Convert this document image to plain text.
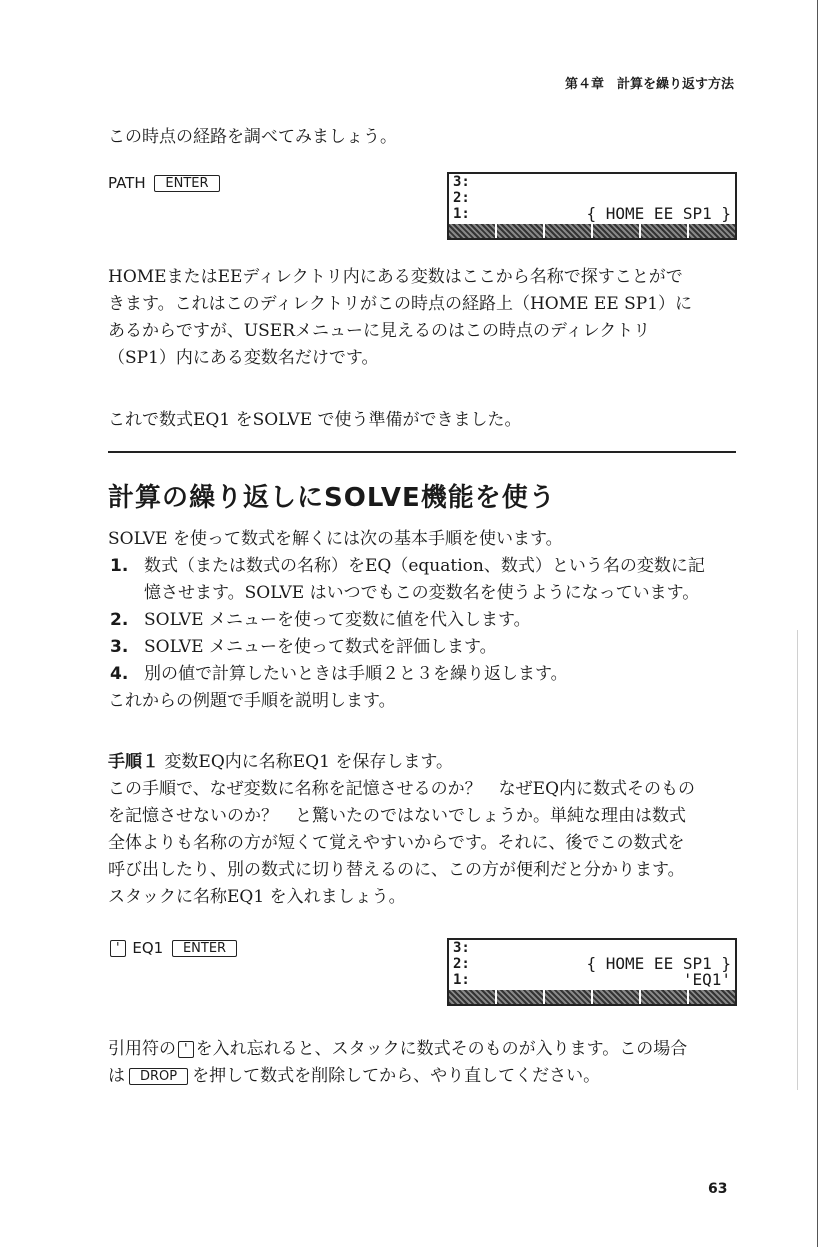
第４章　計算を繰り返す方法
この時点の経路を調べてみましょう。
PATH ENTER	3:
2:
1:	{ HOME EE SP1 }
HOMEまたはEEディレクトリ内にある変数はここから名称で探すことがで
きます。これはこのディレクトリがこの時点の経路上（HOME EE SP1）に
あるからですが、USERメニューに見えるのはこの時点のディレクトリ
（SP1）内にある変数名だけです。
これで数式EQ1 をSOLVE で使う準備ができました。
計算の繰り返しにSOLVE機能を使う
SOLVE を使って数式を解くには次の基本手順を使います。
1. 数式（または数式の名称）をEQ（equation、数式）という名の変数に記
憶させます。SOLVE はいつでもこの変数名を使うようになっています。
2. SOLVE メニューを使って変数に値を代入します。
3. SOLVE メニューを使って数式を評価します。
4. 別の値で計算したいときは手順２と３を繰り返します。
これからの例題で手順を説明します。
手順１ 変数EQ内に名称EQ1 を保存します。
この手順で、なぜ変数に名称を記憶させるのか？　なぜEQ内に数式そのもの
を記憶させないのか？　と驚いたのではないでしょうか。単純な理由は数式
全体よりも名称の方が短くて覚えやすいからです。それに、後でこの数式を
呼び出したり、別の数式に切り替えるのに、この方が便利だと分かります。
スタックに名称EQ1 を入れましょう。
' EQ1 ENTER	3:
2:	{ HOME EE SP1 }
1:	'EQ1'
引用符の ' を入れ忘れると、スタックに数式そのものが入ります。この場合
は DROP を押して数式を削除してから、やり直してください。
63
